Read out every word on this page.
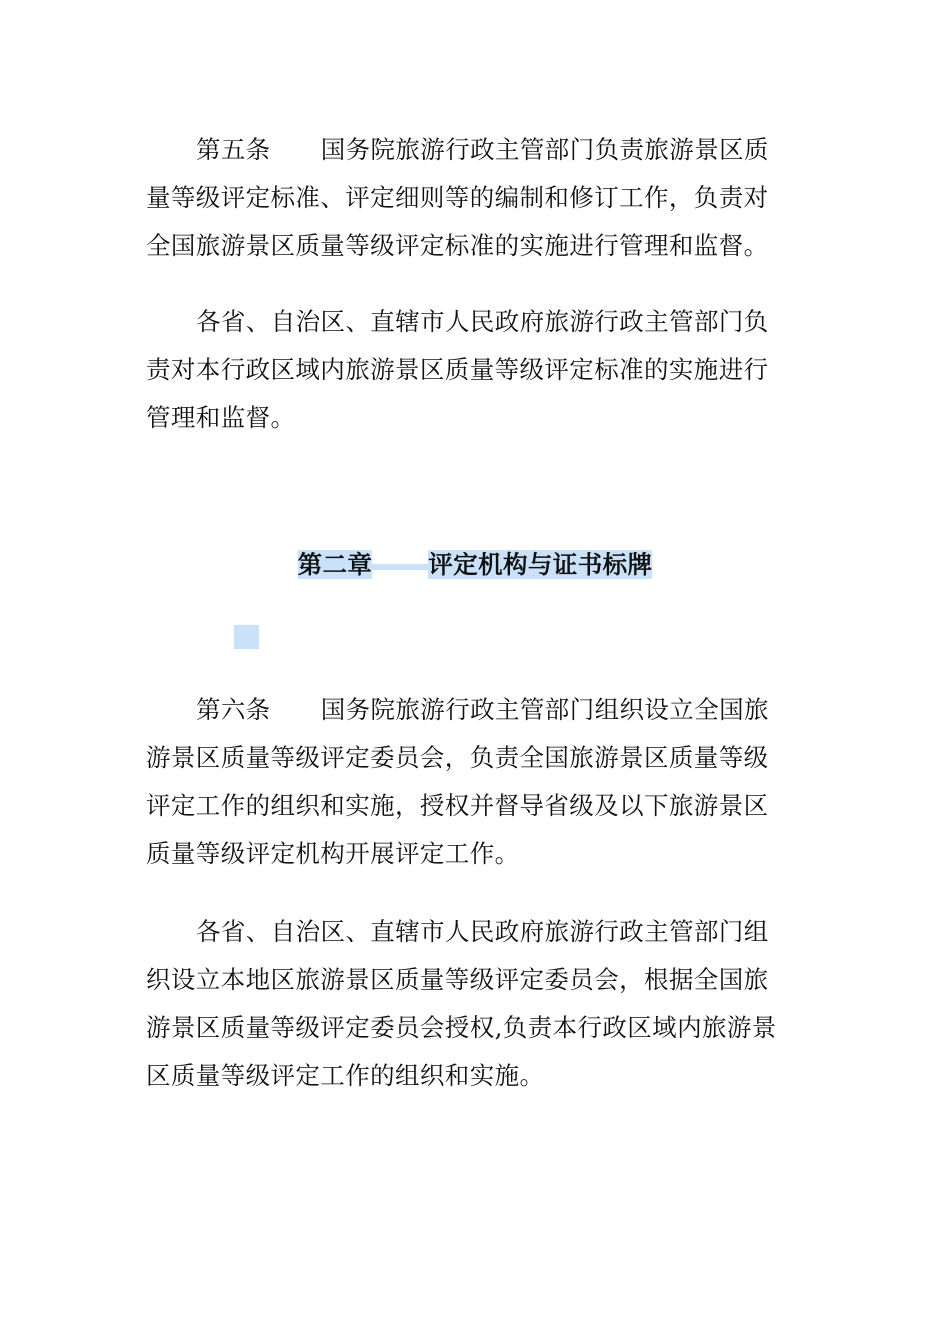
第五条 国务院旅游行政主管部门负责旅游景区质
量等级评定标准、评定细则等的编制和修订工作，负责对
全国旅游景区质量等级评定标准的实施进行管理和监督。
各省、自治区、直辖市人民政府旅游行政主管部门负
责对本行政区域内旅游景区质量等级评定标准的实施进行
管理和监督。
第二章 评定机构与证书标牌
第六条 国务院旅游行政主管部门组织设立全国旅
游景区质量等级评定委员会，负责全国旅游景区质量等级
评定工作的组织和实施，授权并督导省级及以下旅游景区
质量等级评定机构开展评定工作。
各省、自治区、直辖市人民政府旅游行政主管部门组
织设立本地区旅游景区质量等级评定委员会，根据全国旅
游景区质量等级评定委员会授权,负责本行政区域内旅游景
区质量等级评定工作的组织和实施。
